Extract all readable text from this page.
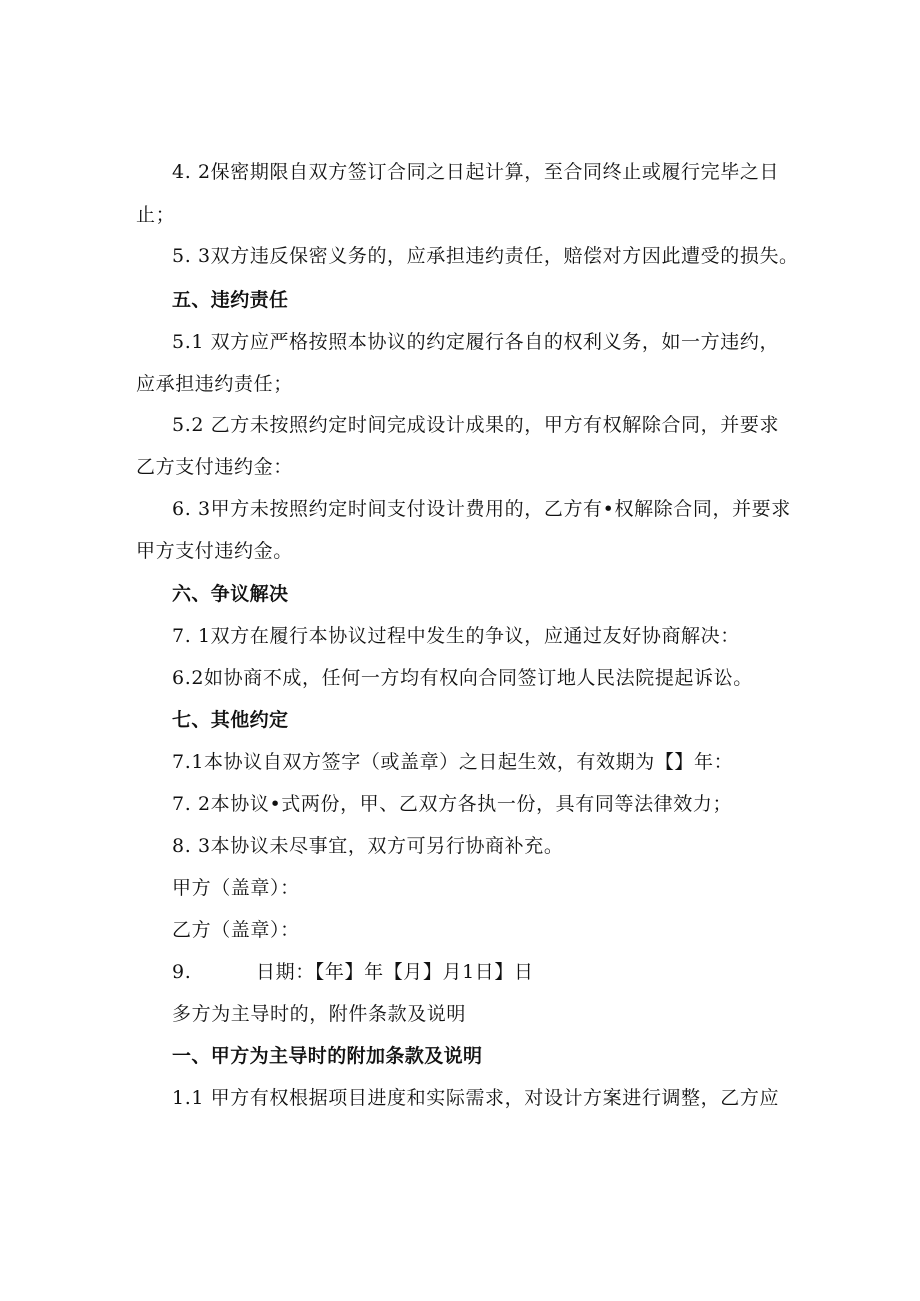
4. 2保密期限自双方签订合同之日起计算，至合同终止或履行完毕之日
止；
5. 3双方违反保密义务的，应承担违约责任，赔偿对方因此遭受的损失。
五、违约责任
5.1 双方应严格按照本协议的约定履行各自的权利义务，如一方违约，
应承担违约责任；
5.2 乙方未按照约定时间完成设计成果的，甲方有权解除合同，并要求
乙方支付违约金：
6. 3甲方未按照约定时间支付设计费用的，乙方有•权解除合同，并要求
甲方支付违约金。
六、争议解决
7. 1双方在履行本协议过程中发生的争议，应通过友好协商解决：
6.2如协商不成，任何一方均有权向合同签订地人民法院提起诉讼。
七、其他约定
7.1本协议自双方签字（或盖章）之日起生效，有效期为【】年：
7. 2本协议•式两份，甲、乙双方各执一份，具有同等法律效力；
8. 3本协议未尽事宜，双方可另行协商补充。
甲方（盖章）：
乙方（盖章）：
9.	日期：【年】年【月】月1日】日
多方为主导时的，附件条款及说明
一、甲方为主导时的附加条款及说明
1.1 甲方有权根据项目进度和实际需求，对设计方案进行调整，乙方应
